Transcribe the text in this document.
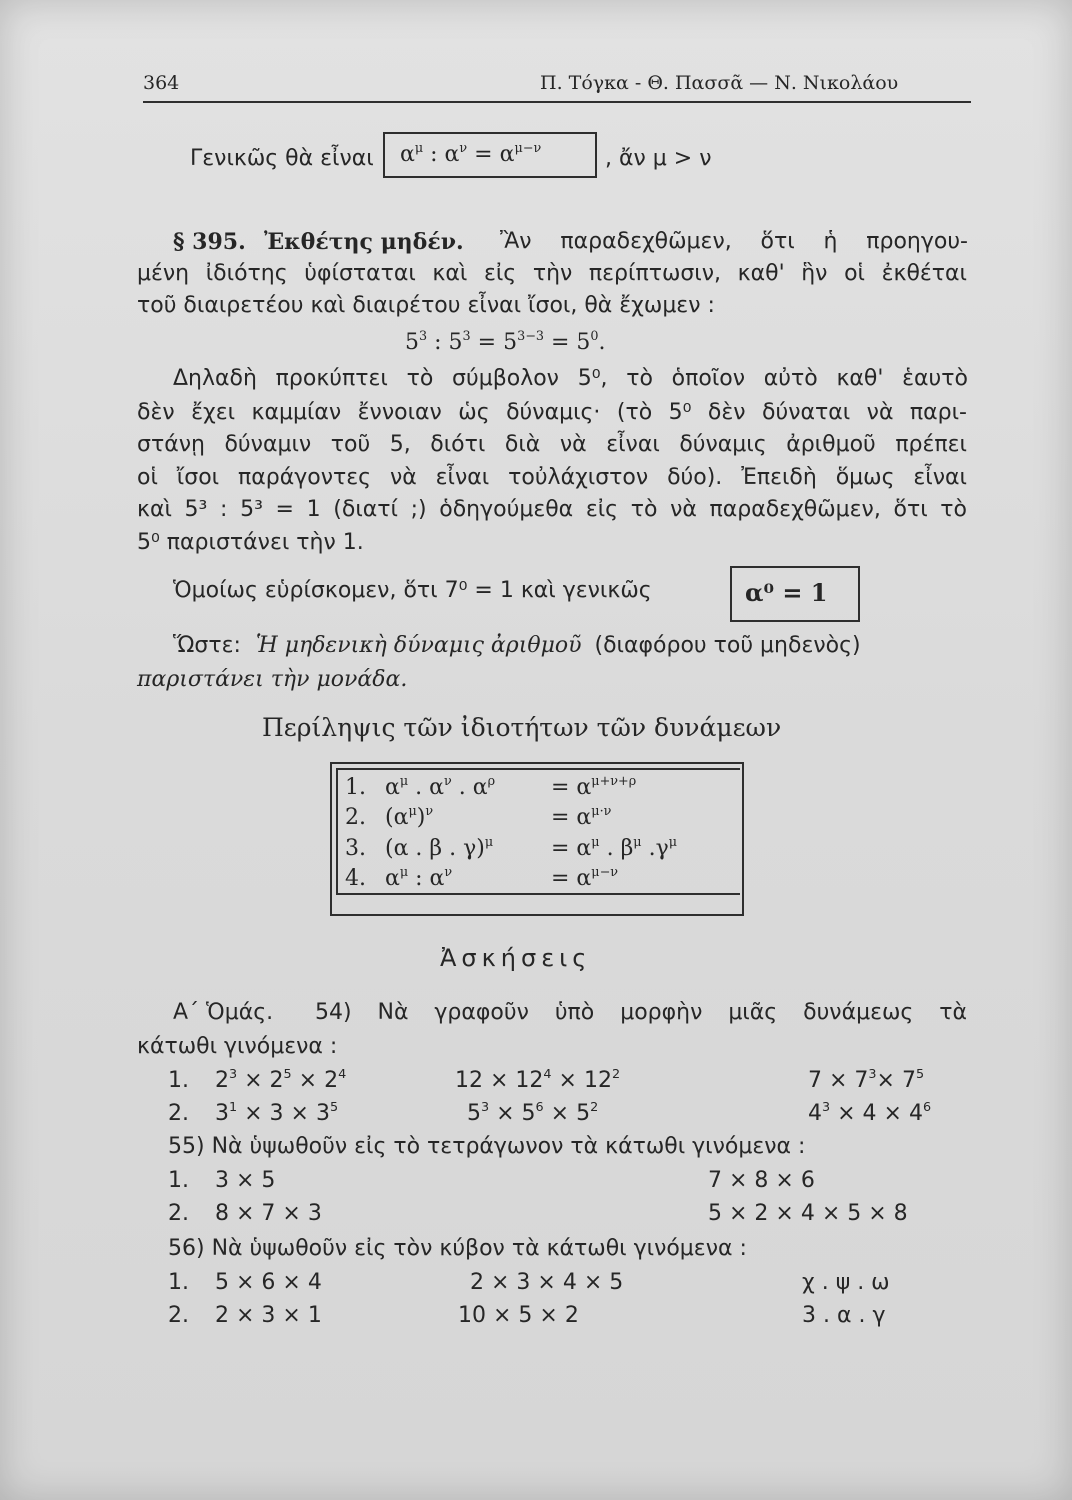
364	Π. Τόγκα - Θ. Πασσᾶ — Ν. Νικολάου
Γενικῶς θὰ εἶναι $\alpha^\mu$ : $\alpha^\nu = \alpha^{\mu-\nu}$	, ἄν μ > ν
§ 395. Ἐκθέτης μηδέν. Ἂν παραδεχθῶμεν, ὅτι ἡ προηγου-
μένη ἰδιότης ὑφίσταται καὶ εἰς τὴν περίπτωσιν, καθ' ἣν οἱ ἐκθέται
τοῦ διαιρετέου καὶ διαιρέτου εἶναι ἴσοι, θὰ ἔχωμεν :
$5^3$ : $5^3 = 5^{3-3} = 5^0$.
Δηλαδὴ προκύπτει τὸ σύμβολον 5⁰, τὸ ὁποῖον αὐτὸ καθ' ἑαυτὸ
δὲν ἔχει καμμίαν ἔννοιαν ὡς δύναμις· (τὸ 5⁰ δὲν δύναται νὰ παρι-
στάνῃ δύναμιν τοῦ 5, διότι διὰ νὰ εἶναι δύναμις ἀριθμοῦ πρέπει
οἱ ἴσοι παράγοντες νὰ εἶναι τοὐλάχιστον δύο). Ἐπειδὴ ὅμως εἶναι
καὶ 5³ : 5³ = 1 (διατί ;) ὁδηγούμεθα εἰς τὸ νὰ παραδεχθῶμεν, ὅτι τὸ
5⁰ παριστάνει τὴν 1.
Ὁμοίως εὑρίσκομεν, ὅτι 7⁰ = 1 καὶ γενικῶς	α⁰ = 1
Ὥστε: Ἡ μηδενικὴ δύναμις ἀριθμοῦ (διαφόρου τοῦ μηδενὸς)
παριστάνει τὴν μονάδα.
Περίληψις τῶν ἰδιοτήτων τῶν δυνάμεων
1. $\alpha^\mu$ . $\alpha^\nu$ . $\alpha^\rho$	= $\alpha^{\mu+\nu+\rho}$
2. $(\alpha^\mu)^\nu$	= $\alpha^{\mu\cdot\nu}$
3. (α . β . γ)$^\mu$	= $\alpha^\mu$ . $\beta^\mu$ $.\gamma^\mu$
4. $\alpha^\mu$ : $\alpha^\nu$	= $\alpha^{\mu-\nu}$
Ἀσκήσεις
Α΄ Ὁμάς. 54) Νὰ γραφοῦν ὑπὸ μορφὴν μιᾶς δυνάμεως τὰ
κάτωθι γινόμενα :
1. $2^3 \times 2^5 \times 2^4$	$12 \times 12^4 \times 12^2$	$7 \times 7^3\times 7^5$
2. $3^1 \times 3 \times 3^5$	$5^3 \times 5^6 \times 5^2$	$4^3 \times 4 \times 4^6$
55) Νὰ ὑψωθοῦν εἰς τὸ τετράγωνον τὰ κάτωθι γινόμενα :
1. 3 × 5	7 × 8 × 6
2. 8 × 7 × 3	5 × 2 × 4 × 5 × 8
56) Νὰ ὑψωθοῦν εἰς τὸν κύβον τὰ κάτωθι γινόμενα :
1. 5 × 6 × 4	2 × 3 × 4 × 5	χ . ψ . ω
2. 2 × 3 × 1	10 × 5 × 2	3 . α . γ
